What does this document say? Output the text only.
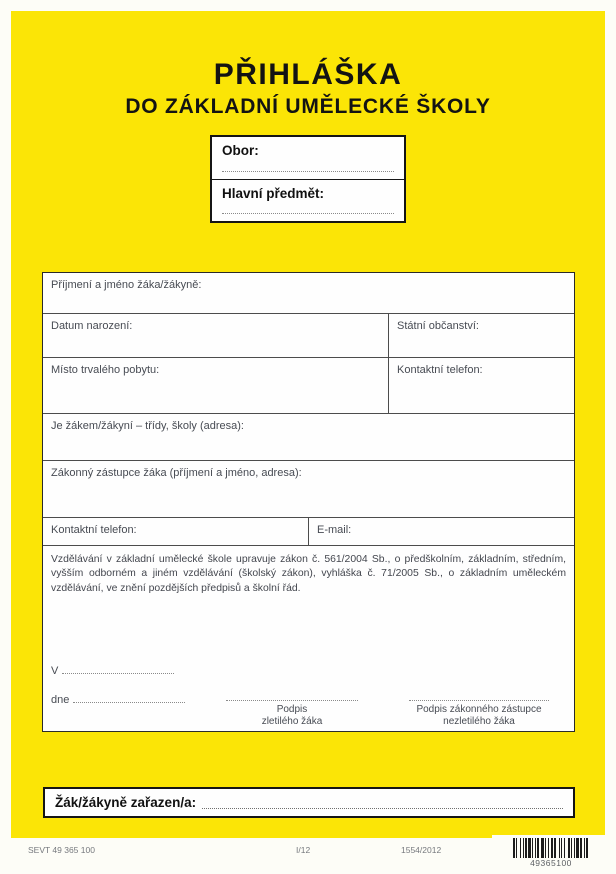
PŘIHLÁŠKA
DO ZÁKLADNÍ UMĚLECKÉ ŠKOLY
Obor:
Hlavní předmět:
Příjmení a jméno žáka/žákyně:
Datum narození:	Státní občanství:
Místo trvalého pobytu:	Kontaktní telefon:
Je žákem/žákyní – třídy, školy (adresa):
Zákonný zástupce žáka (příjmení a jméno, adresa):
Kontaktní telefon:	E-mail:

Vzdělávání v základní umělecké škole upravuje zákon č. 561/2004 Sb., o předškolním, základním, středním, vyšším odborném a jiném vzdělávání (školský zákon), vyhláška č. 71/2005 Sb., o základním uměleckém vzdělávání, ve znění pozdějších předpisů a školní řád.

V
dne
Podpis
zletilého žáka
Podpis zákonného zástupce
nezletilého žáka
Žák/žákyně zařazen/a:
SEVT 49 365 100	I/12	1554/2012
49365100
